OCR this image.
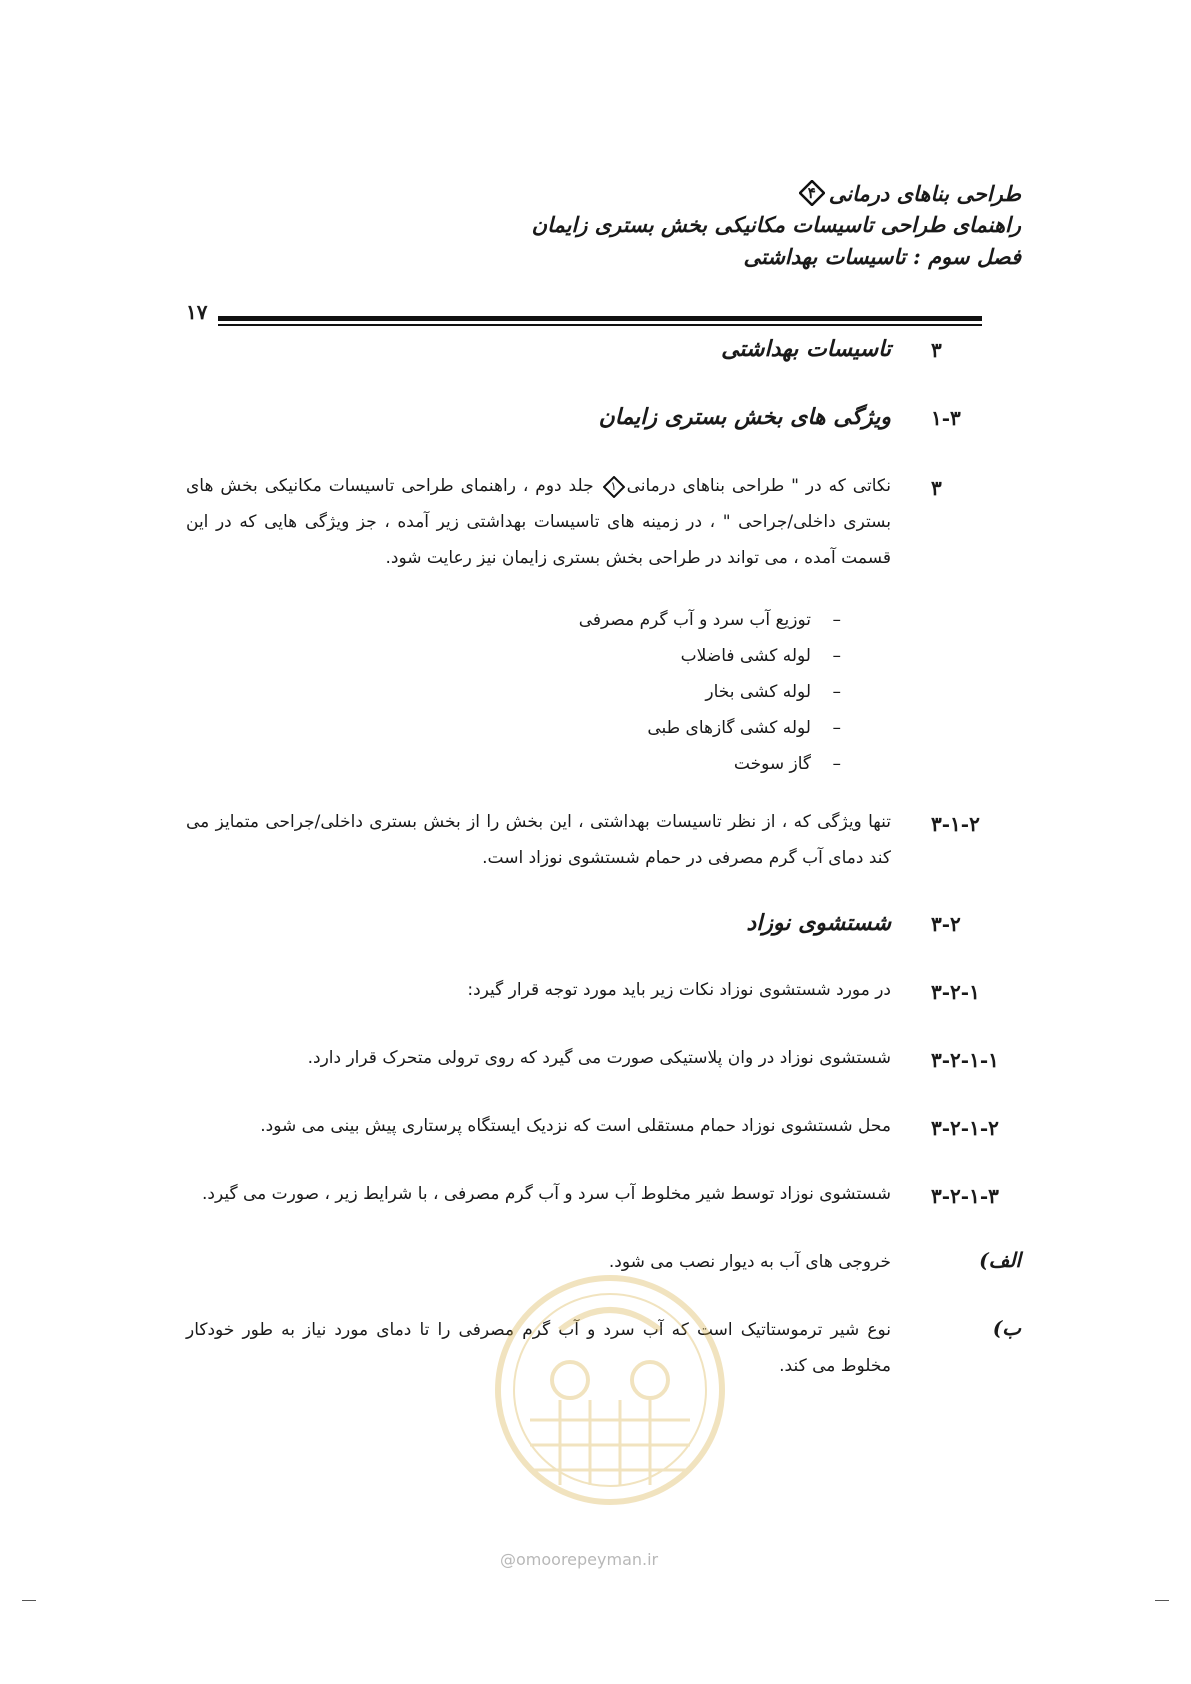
طراحی بناهای درمانی
۴
راهنمای طراحی تاسیسات مکانیکی بخش بستری زایمان
فصل سوم : تاسیسات بهداشتی
۱۷
۳
تاسیسات بهداشتی
۱-۳
ویژگی های بخش بستری زایمان
۳
نکاتی که در " طراحی بناهای درمانی
۱
جلد دوم ، راهنمای طراحی تاسیسات مکانیکی بخش های بستری داخلی/جراحی " ، در زمینه های تاسیسات بهداشتی زیر آمده ، جز ویژگی هایی که در این قسمت آمده ، می تواند در طراحی بخش بستری زایمان نیز رعایت شود.
–
توزیع آب سرد و آب گرم مصرفی
–
لوله کشی فاضلاب
–
لوله کشی بخار
–
لوله کشی گازهای طبی
–
گاز سوخت
۳-۱-۲
تنها ویژگی که ، از نظر تاسیسات بهداشتی ، این بخش را از بخش بستری داخلی/جراحی متمایز می کند دمای آب گرم مصرفی در حمام شستشوی نوزاد است.
۳-۲
شستشوی نوزاد
۳-۲-۱
در مورد شستشوی نوزاد نکات زیر باید مورد توجه قرار گیرد:
۳-۲-۱-۱
شستشوی نوزاد در وان پلاستیکی صورت می گیرد که روی ترولی متحرک قرار دارد.
۳-۲-۱-۲
محل شستشوی نوزاد حمام مستقلی است که نزدیک ایستگاه پرستاری پیش بینی می شود.
۳-۲-۱-۳
شستشوی نوزاد توسط شیر مخلوط آب سرد و آب گرم مصرفی ، با شرایط زیر ، صورت می گیرد.
الف)
خروجی های آب به دیوار نصب می شود.
ب)
نوع شیر ترموستاتیک است که آب سرد و آب گرم مصرفی را تا دمای مورد نیاز به طور خودکار مخلوط می کند.
@omoorepeyman.ir
